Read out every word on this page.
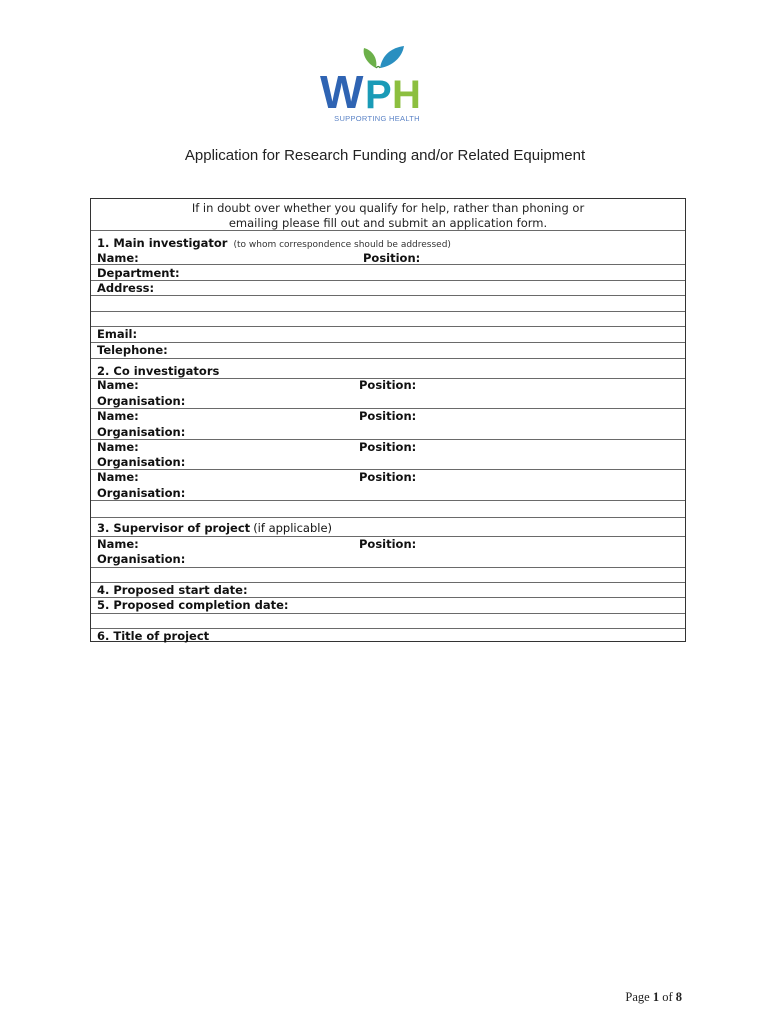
W P H
SUPPORTING HEALTH
Application for Research Funding and/or Related Equipment
If in doubt over whether you qualify for help, rather than phoning or
emailing please fill out and submit an application form.
1. Main investigator (to whom correspondence should be addressed)
Name:	Position:
Department:
Address:
Email:
Telephone:
2. Co investigators
Name:	Position:
Organisation:
Name:	Position:
Organisation:
Name:	Position:
Organisation:
Name:	Position:
Organisation:
3. Supervisor of project (if applicable)
Name:	Position:
Organisation:
4. Proposed start date:
5. Proposed completion date:
6. Title of project
Page 1 of 8
